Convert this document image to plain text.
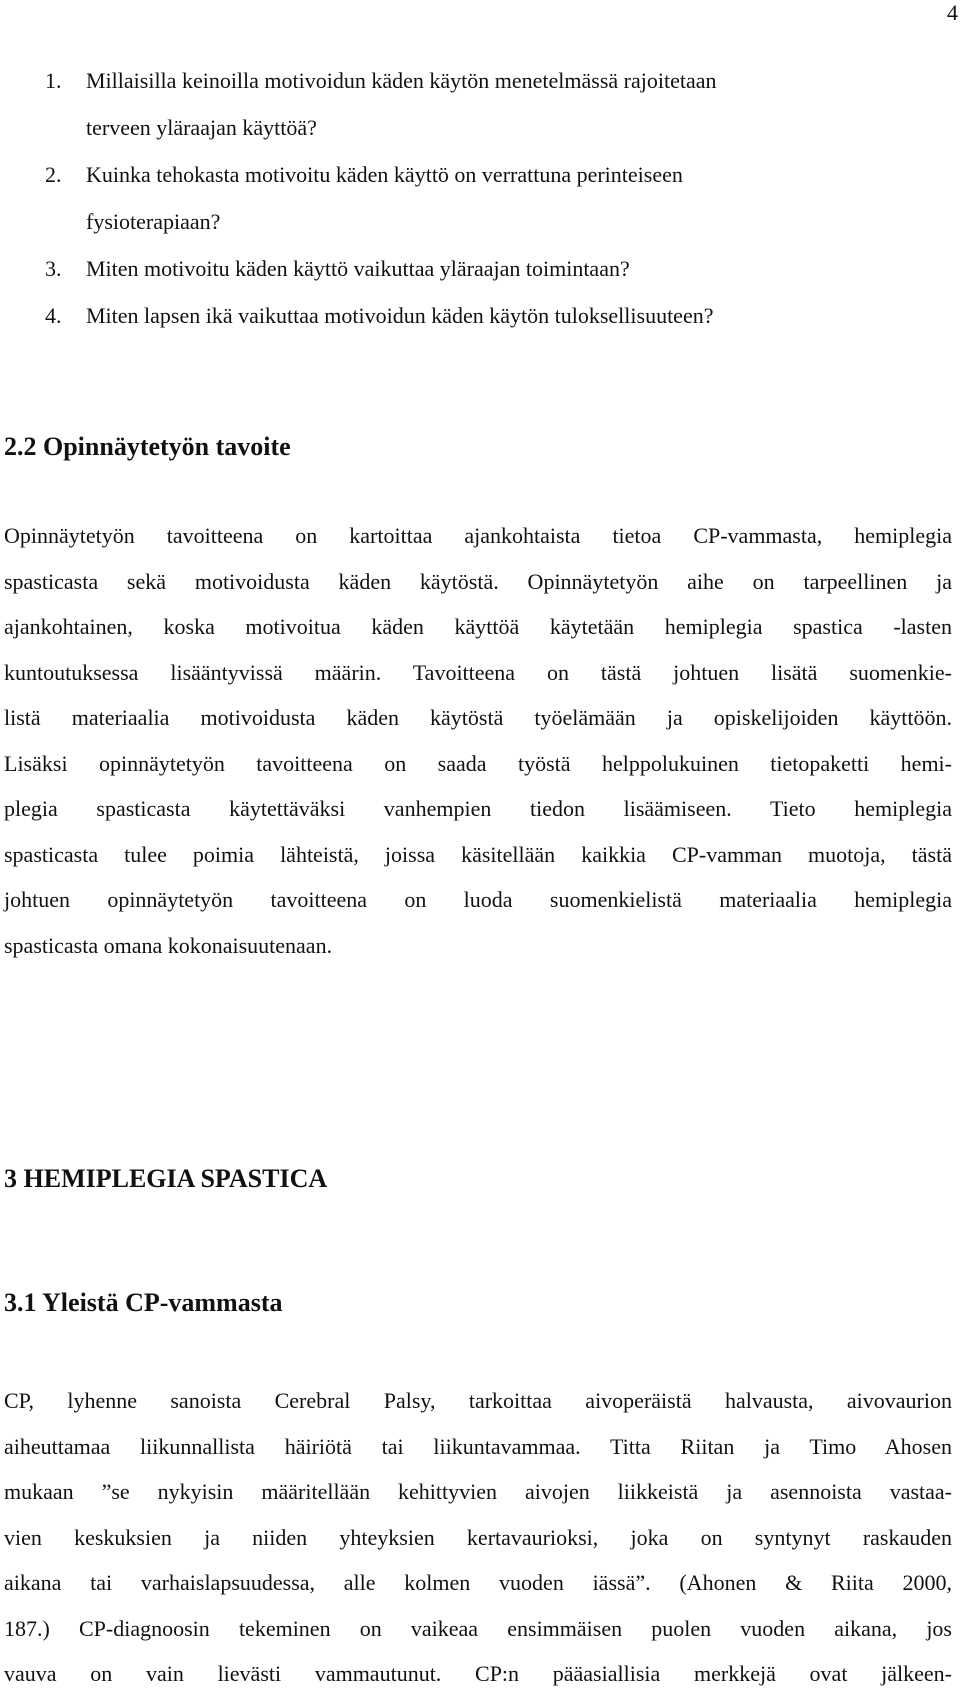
4
1. Millaisilla keinoilla motivoidun käden käytön menetelmässä rajoitetaan
terveen yläraajan käyttöä?
2. Kuinka tehokasta motivoitu käden käyttö on verrattuna perinteiseen
fysioterapiaan?
3. Miten motivoitu käden käyttö vaikuttaa yläraajan toimintaan?
4. Miten lapsen ikä vaikuttaa motivoidun käden käytön tuloksellisuuteen?
2.2 Opinnäytetyön tavoite
Opinnäytetyön tavoitteena on kartoittaa ajankohtaista tietoa CP-vammasta, hemiplegia
spasticasta sekä motivoidusta käden käytöstä. Opinnäytetyön aihe on tarpeellinen ja
ajankohtainen, koska motivoitua käden käyttöä käytetään hemiplegia spastica -lasten
kuntoutuksessa lisääntyvissä määrin. Tavoitteena on tästä johtuen lisätä suomenkie-
listä materiaalia motivoidusta käden käytöstä työelämään ja opiskelijoiden käyttöön.
Lisäksi opinnäytetyön tavoitteena on saada työstä helppolukuinen tietopaketti hemi-
plegia spasticasta käytettäväksi vanhempien tiedon lisäämiseen. Tieto hemiplegia
spasticasta tulee poimia lähteistä, joissa käsitellään kaikkia CP-vamman muotoja, tästä
johtuen opinnäytetyön tavoitteena on luoda suomenkielistä materiaalia hemiplegia
spasticasta omana kokonaisuutenaan.
3 HEMIPLEGIA SPASTICA
3.1 Yleistä CP-vammasta
CP, lyhenne sanoista Cerebral Palsy, tarkoittaa aivoperäistä halvausta, aivovaurion
aiheuttamaa liikunnallista häiriötä tai liikuntavammaa. Titta Riitan ja Timo Ahosen
mukaan ”se nykyisin määritellään kehittyvien aivojen liikkeistä ja asennoista vastaa-
vien keskuksien ja niiden yhteyksien kertavaurioksi, joka on syntynyt raskauden
aikana tai varhaislapsuudessa, alle kolmen vuoden iässä”. (Ahonen & Riita 2000,
187.) CP-diagnoosin tekeminen on vaikeaa ensimmäisen puolen vuoden aikana, jos
vauva on vain lievästi vammautunut. CP:n pääasiallisia merkkejä ovat jälkeen-
